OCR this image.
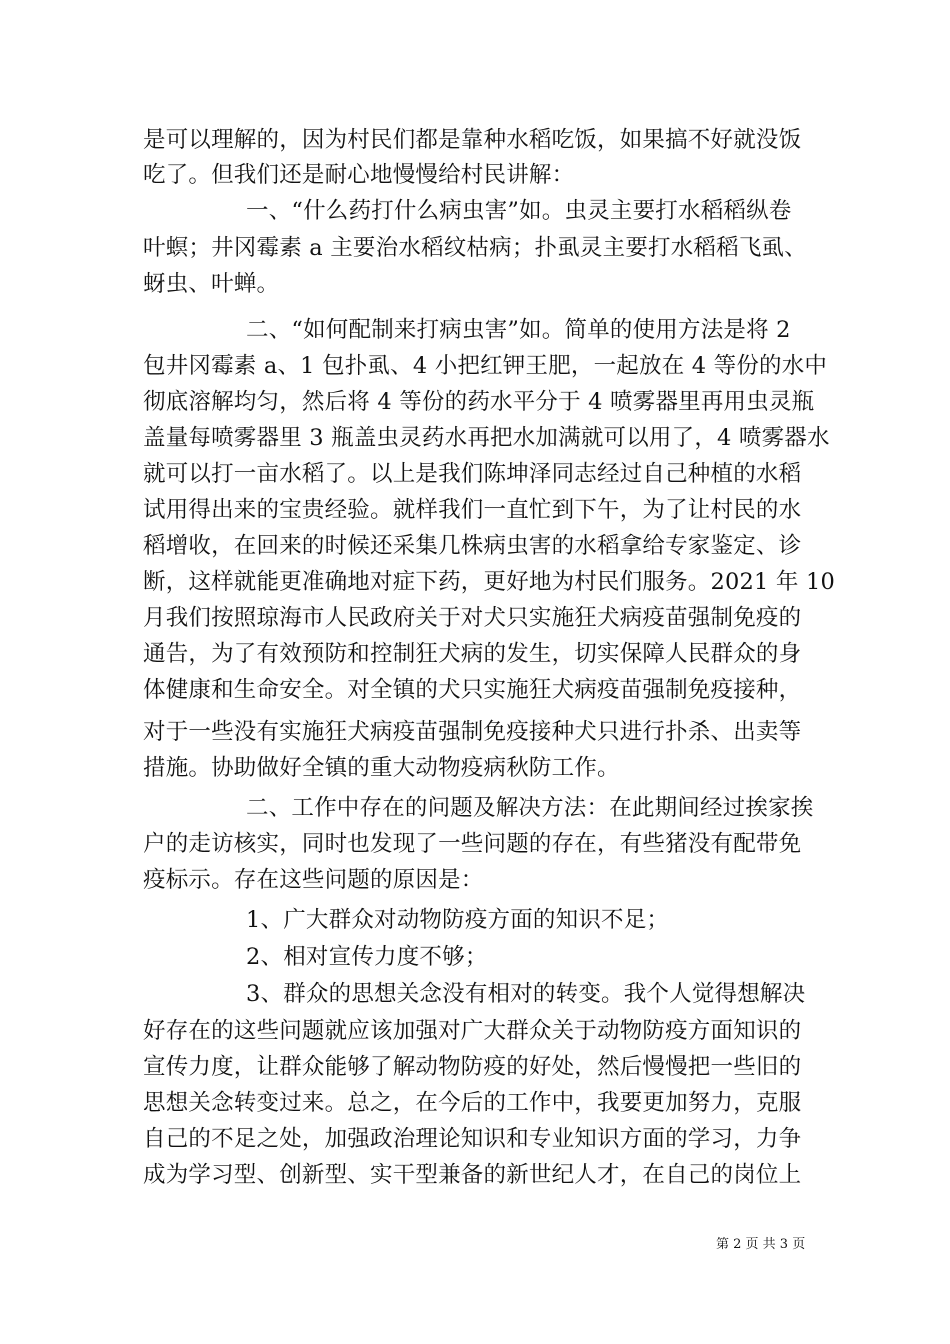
是可以理解的，因为村民们都是靠种水稻吃饭，如果搞不好就没饭
吃了。但我们还是耐心地慢慢给村民讲解：
一、“什么药打什么病虫害”如。虫灵主要打水稻稻纵卷
叶螟；井冈霉素 a 主要治水稻纹枯病；扑虱灵主要打水稻稻飞虱、
蚜虫、叶蝉。
二、“如何配制来打病虫害”如。简单的使用方法是将 2
包井冈霉素 a、1 包扑虱、4 小把红钾王肥，一起放在 4 等份的水中
彻底溶解均匀，然后将 4 等份的药水平分于 4 喷雾器里再用虫灵瓶
盖量每喷雾器里 3 瓶盖虫灵药水再把水加满就可以用了，4 喷雾器水
就可以打一亩水稻了。以上是我们陈坤泽同志经过自己种植的水稻
试用得出来的宝贵经验。就样我们一直忙到下午，为了让村民的水
稻增收，在回来的时候还采集几株病虫害的水稻拿给专家鉴定、诊
断，这样就能更准确地对症下药，更好地为村民们服务。2021 年 10
月我们按照琼海市人民政府关于对犬只实施狂犬病疫苗强制免疫的
通告，为了有效预防和控制狂犬病的发生，切实保障人民群众的身
体健康和生命安全。对全镇的犬只实施狂犬病疫苗强制免疫接种，
对于一些没有实施狂犬病疫苗强制免疫接种犬只进行扑杀、出卖等
措施。协助做好全镇的重大动物疫病秋防工作。
二、工作中存在的问题及解决方法：在此期间经过挨家挨
户的走访核实，同时也发现了一些问题的存在，有些猪没有配带免
疫标示。存在这些问题的原因是：
1、广大群众对动物防疫方面的知识不足；
2、相对宣传力度不够；
3、群众的思想关念没有相对的转变。我个人觉得想解决
好存在的这些问题就应该加强对广大群众关于动物防疫方面知识的
宣传力度，让群众能够了解动物防疫的好处，然后慢慢把一些旧的
思想关念转变过来。总之，在今后的工作中，我要更加努力，克服
自己的不足之处，加强政治理论知识和专业知识方面的学习，力争
成为学习型、创新型、实干型兼备的新世纪人才，在自己的岗位上
第 2 页 共 3 页
